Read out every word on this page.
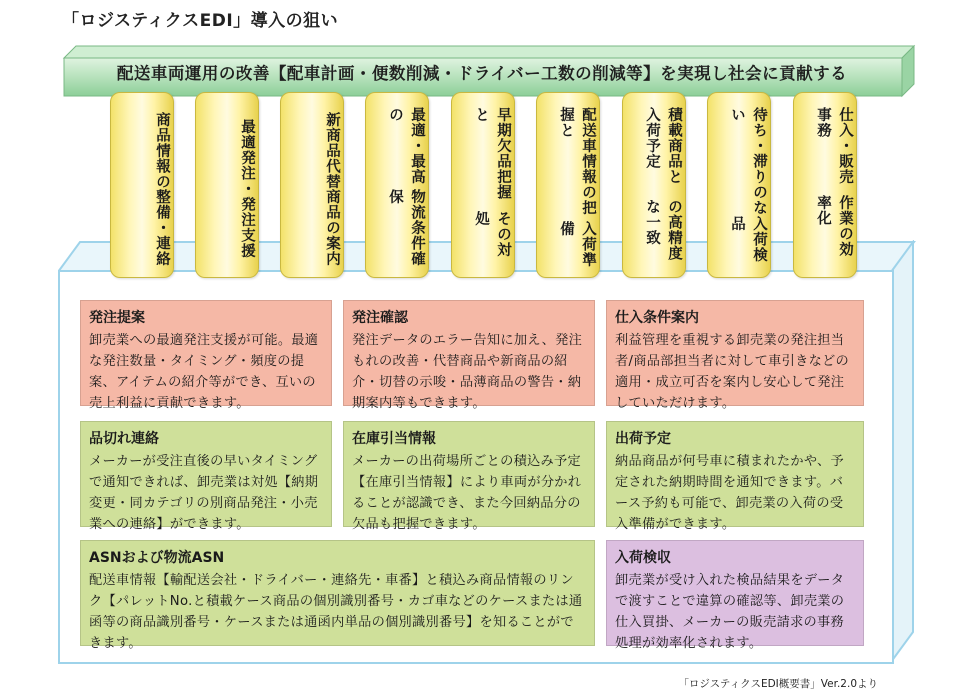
「ロジスティクスEDI」導入の狙い
配送車両運用の改善【配車計画・便数削減・ドライバー工数の削減等】を実現し社会に貢献する
商品情報の
整備・連絡	最適発注・発注支援	新商品代替
商品の案内
最適・最高の
物流条件確保	早期欠品把握と
その対処
配送車情報の把握と
入荷準備
積載商品と入荷予定
の高精度な一致
待ち・滞りのない
入荷検品
仕入・販売事務
作業の効率化
発注提案
卸売業への最適発注支援が可能。最適な発注数量・タイミング・頻度の提案、アイテムの紹介等ができ、互いの売上利益に貢献できます。
発注確認
発注データのエラー告知に加え、発注もれの改善・代替商品や新商品の紹介・切替の示唆・品薄商品の警告・納期案内等もできます。
仕入条件案内
利益管理を重視する卸売業の発注担当者/商品部担当者に対して車引きなどの適用・成立可否を案内し安心して発注していただけます。
品切れ連絡
メーカーが受注直後の早いタイミングで通知できれば、卸売業は対処【納期変更・同カテゴリの別商品発注・小売業への連絡】ができます。
在庫引当情報
メーカーの出荷場所ごとの積込み予定【在庫引当情報】により車両が分かれることが認識でき、また今回納品分の欠品も把握できます。
出荷予定
納品商品が何号車に積まれたかや、予定された納期時間を通知できます。バース予約も可能で、卸売業の入荷の受入準備ができます。
ASNおよび物流ASN
配送車情報【輸配送会社・ドライバー・連絡先・車番】と積込み商品情報のリンク【パレットNo.と積載ケース商品の個別識別番号・カゴ車などのケースまたは通函等の商品識別番号・ケースまたは通函内単品の個別識別番号】を知ることができます。
入荷検収
卸売業が受け入れた検品結果をデータで渡すことで違算の確認等、卸売業の仕入買掛、メーカーの販売請求の事務処理が効率化されます。
「ロジスティクスEDI概要書」Ver.2.0より
